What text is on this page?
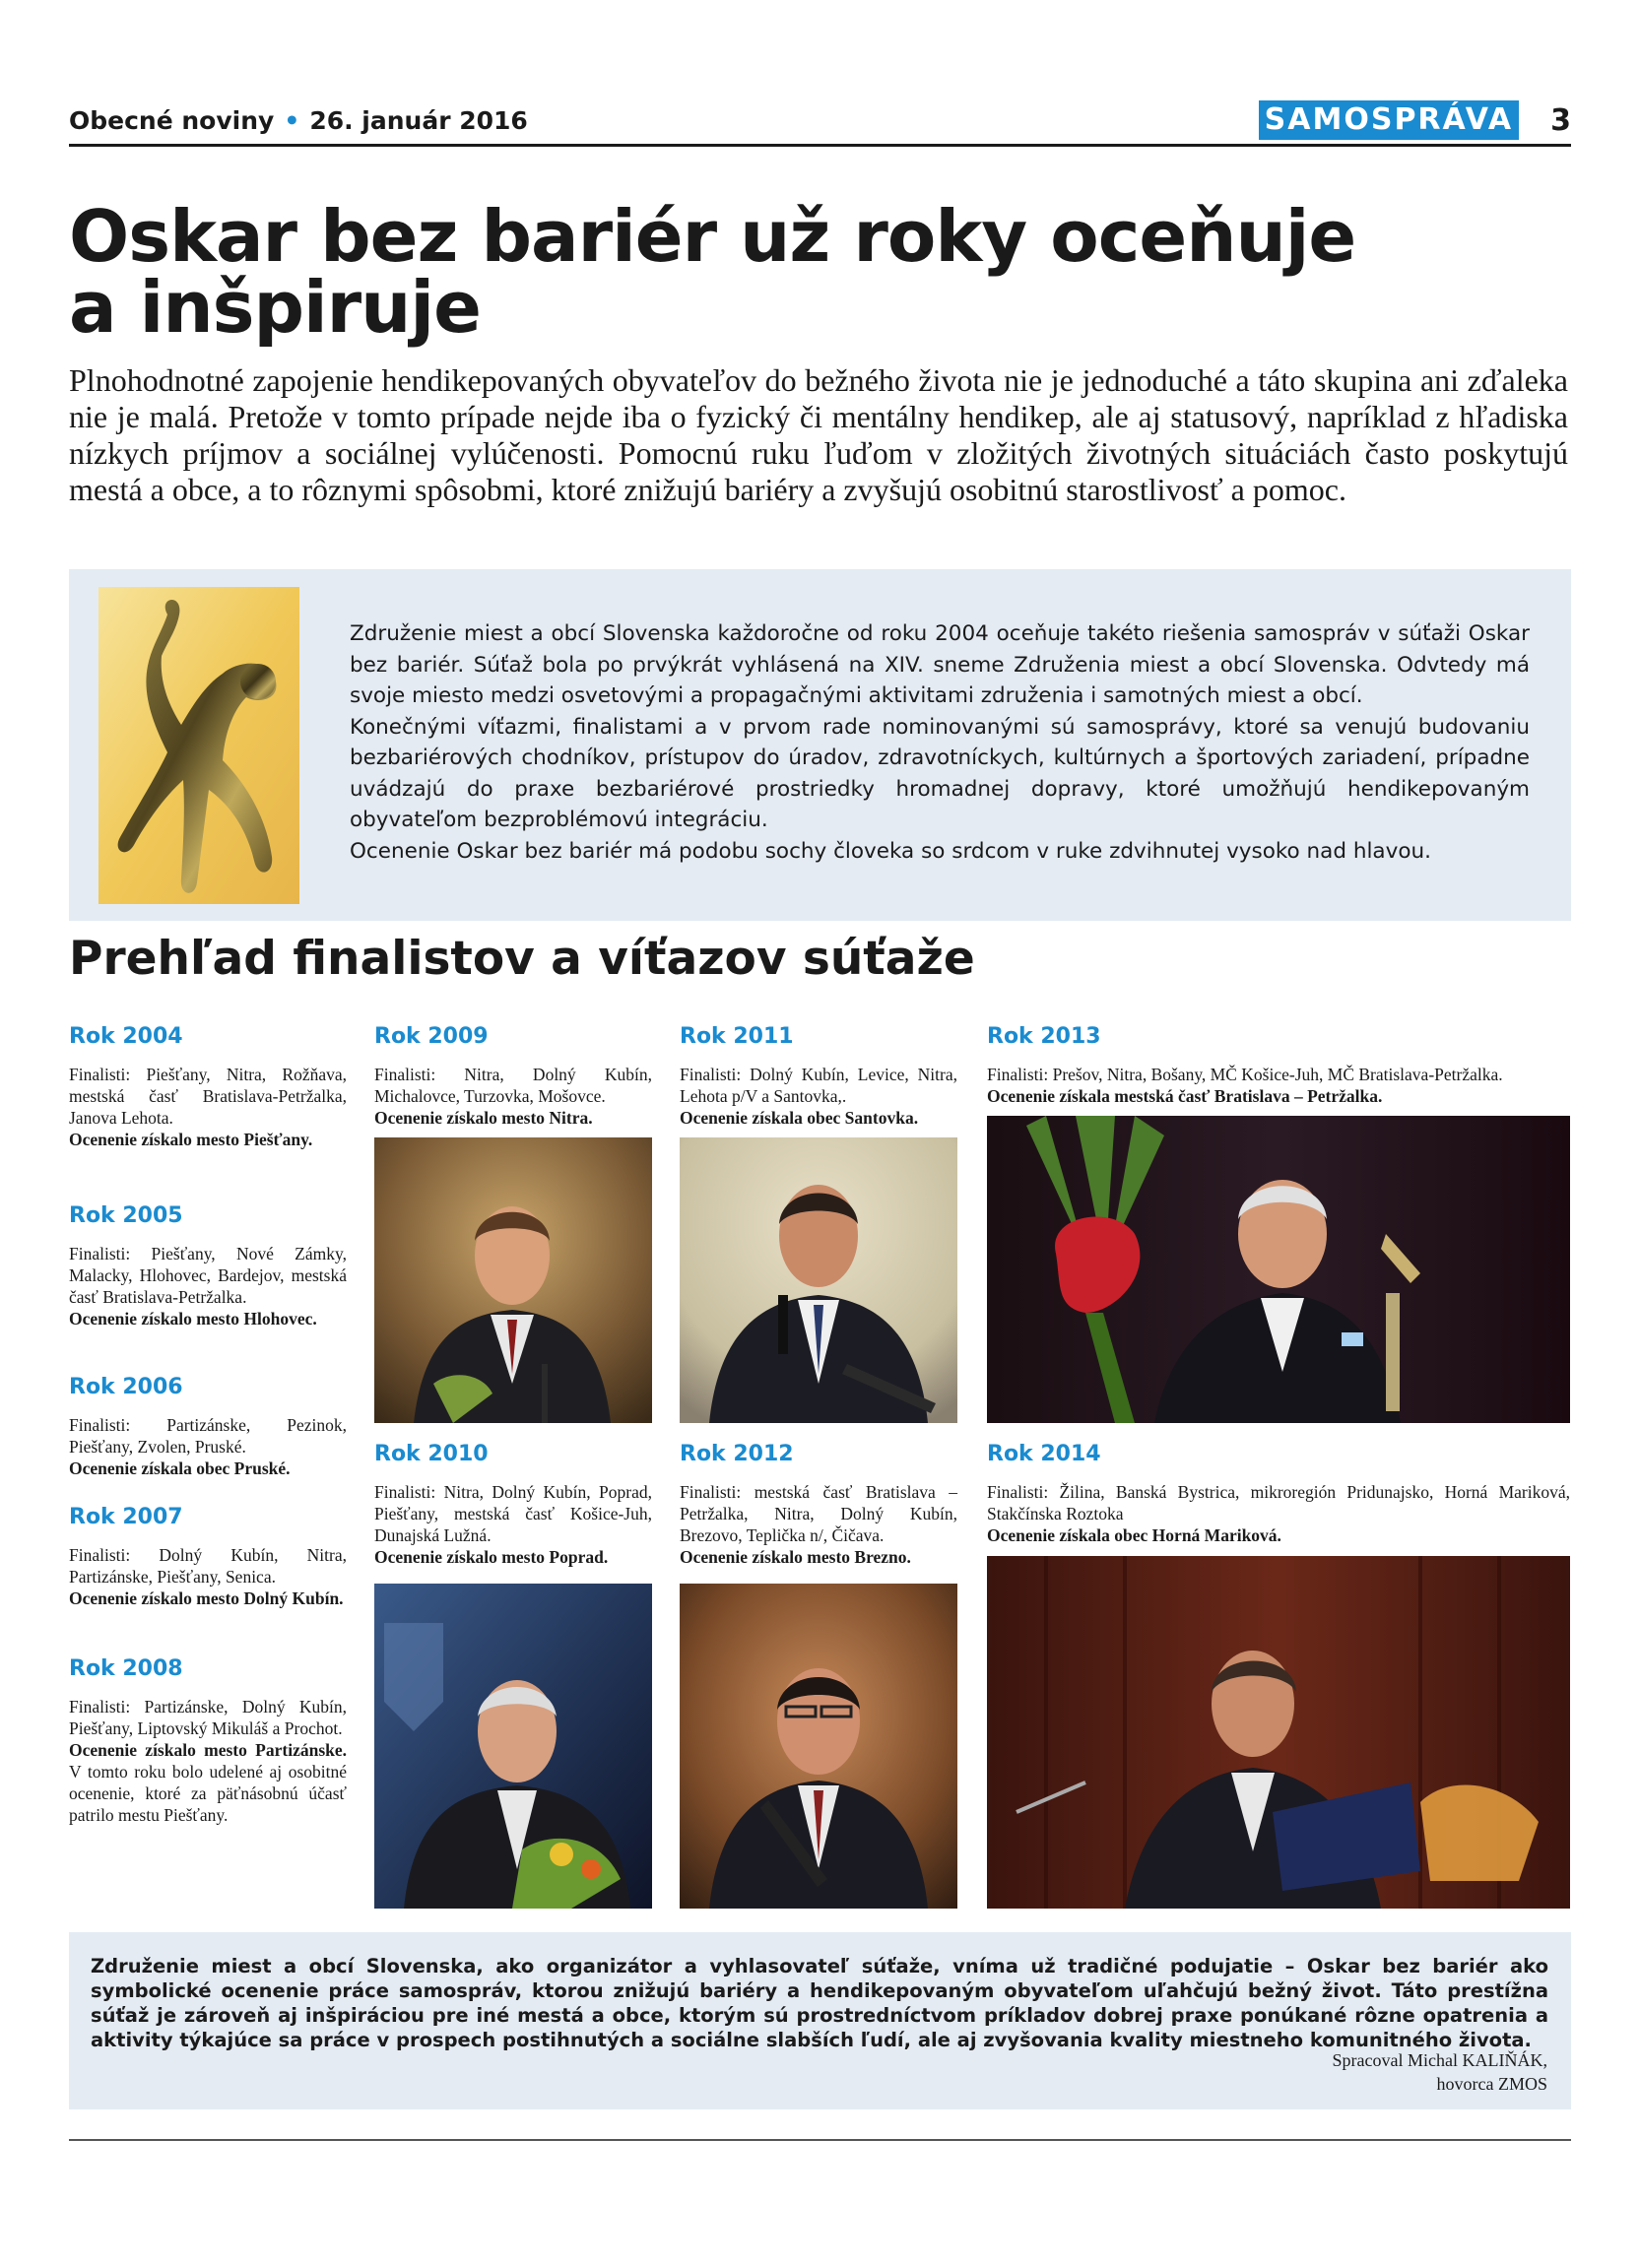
Obecné noviny • 26. január 2016	SAMOSPRÁVA 3
Oskar bez bariér už roky oceňuje
a inšpiruje

Plnohodnotné zapojenie hendikepovaných obyvateľov do bežného života nie je jednoduché a táto skupina ani zďaleka nie je malá. Pretože v tomto prípade nejde iba o fyzický či mentálny hendikep, ale aj statusový, napríklad z hľadiska nízkych príjmov a sociálnej vylúčenosti. Pomocnú ruku ľuďom v zložitých životných situáciách často poskytujú mestá a obce, a to rôznymi spôsobmi, ktoré znižujú bariéry a zvyšujú osobitnú starostlivosť a pomoc.

Združenie miest a obcí Slovenska každoročne od roku 2004 oceňuje takéto riešenia samospráv v súťaži Oskar bez bariér. Súťaž bola po prvýkrát vyhlásená na XIV. sneme Združenia miest a obcí Slovenska. Odvtedy má svoje miesto medzi osvetovými a propagačnými aktivitami združenia i samotných miest a obcí.

Konečnými víťazmi, finalistami a v prvom rade nominovanými sú samosprávy, ktoré sa venujú budovaniu bezbariérových chodníkov, prístupov do úradov, zdravotníckych, kultúrnych a športových zariadení, prípadne uvádzajú do praxe bezbariérové prostriedky hromadnej dopravy, ktoré umožňujú hendikepovaným obyvateľom bezproblémovú integráciu.

Ocenenie Oskar bez bariér má podobu sochy človeka so srdcom v ruke zdvihnutej vysoko nad hlavou.

Prehľad finalistov a víťazov súťaže
Rok 2004

Finalisti: Piešťany, Nitra, Rožňava, mestská časť Bratislava-Petržalka, Janova Lehota.

Ocenenie získalo mesto Piešťany.

Rok 2005

Finalisti: Piešťany, Nové Zámky, Malacky, Hlohovec, Bardejov, mestská časť Bratislava-Petržalka.

Ocenenie získalo mesto Hlohovec.

Rok 2006

Finalisti: Partizánske, Pezinok, Piešťany, Zvolen, Pruské.

Ocenenie získala obec Pruské.

Rok 2007

Finalisti: Dolný Kubín, Nitra, Partizánske, Piešťany, Senica.

Ocenenie získalo mesto Dolný Kubín.

Rok 2008

Finalisti: Partizánske, Dolný Kubín, Piešťany, Liptovský Mikuláš a Prochot.

Ocenenie získalo mesto Partizánske. V tomto roku bolo udelené aj osobitné ocenenie, ktoré za päťnásobnú účasť patrilo mestu Piešťany.

Rok 2009

Finalisti: Nitra, Dolný Kubín, Michalovce, Turzovka, Mošovce.

Ocenenie získalo mesto Nitra.

Rok 2010

Finalisti: Nitra, Dolný Kubín, Poprad, Piešťany, mestská časť Košice-Juh, Dunajská Lužná.

Ocenenie získalo mesto Poprad.

Rok 2011

Finalisti: Dolný Kubín, Levice, Nitra, Lehota p/V a Santovka,.

Ocenenie získala obec Santovka.

Rok 2012

Finalisti: mestská časť Bratislava – Petržalka, Nitra, Dolný Kubín, Brezovo, Teplička n/, Čičava.

Ocenenie získalo mesto Brezno.

Rok 2013

Finalisti: Prešov, Nitra, Bošany, MČ Košice-Juh, MČ Bratislava-Petržalka.

Ocenenie získala mestská časť Bratislava – Petržalka.

Rok 2014

Finalisti: Žilina, Banská Bystrica, mikroregión Pridunajsko, Horná Mariková, Stakčínska Roztoka

Ocenenie získala obec Horná Mariková.

Združenie miest a obcí Slovenska, ako organizátor a vyhlasovateľ súťaže, vníma už tradičné podujatie – Oskar bez bariér ako symbolické ocenenie práce samospráv, ktorou znižujú bariéry a hendikepovaným obyvateľom uľahčujú bežný život. Táto prestížna súťaž je zároveň aj inšpiráciou pre iné mestá a obce, ktorým sú prostredníctvom príkladov dobrej praxe ponúkané rôzne opatrenia a aktivity týkajúce sa práce v prospech postihnutých a sociálne slabších ľudí, ale aj zvyšovania kvality miestneho komunitného života.

Spracoval Michal KALIŇÁK,
hovorca ZMOS
